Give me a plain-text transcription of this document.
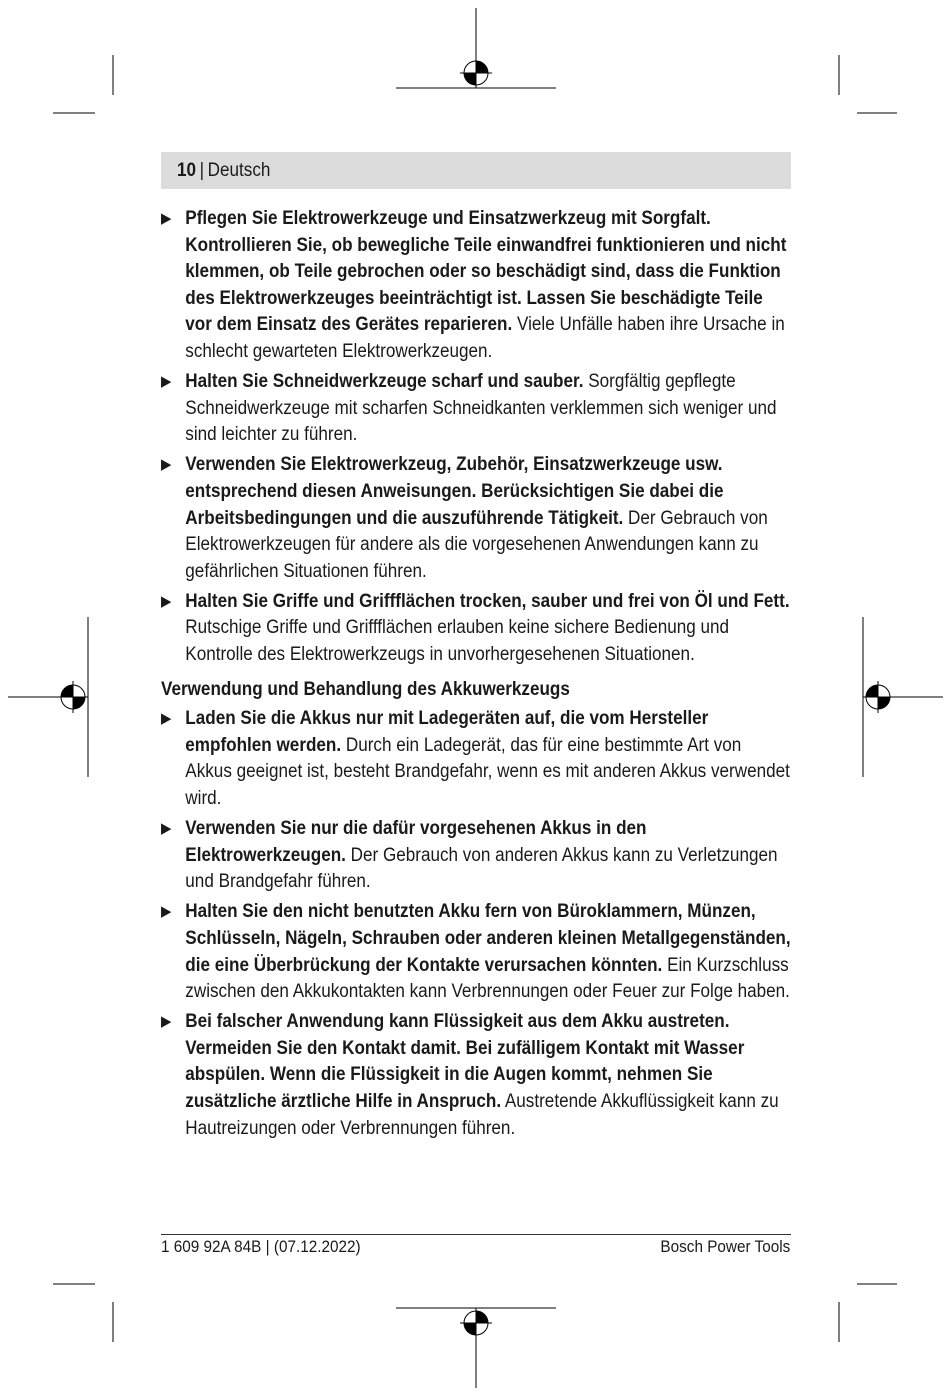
10 | Deutsch
▶ Pflegen Sie Elektrowerkzeuge und Einsatzwerkzeug mit Sorgfalt. Kontrollieren Sie, ob bewegliche Teile einwandfrei funktionieren und nicht klemmen, ob Teile gebrochen oder so beschädigt sind, dass die Funktion des Elektrowerkzeuges beeinträchtigt ist. Lassen Sie beschädigte Teile vor dem Einsatz des Gerätes reparieren. Viele Unfälle haben ihre Ursache in schlecht gewarteten Elektrowerkzeugen.
▶ Halten Sie Schneidwerkzeuge scharf und sauber. Sorgfältig gepflegte Schneidwerkzeuge mit scharfen Schneidkanten verklemmen sich weniger und sind leichter zu führen.
▶ Verwenden Sie Elektrowerkzeug, Zubehör, Einsatzwerkzeuge usw. entsprechend diesen Anweisungen. Berücksichtigen Sie dabei die Arbeitsbedingungen und die auszuführende Tätigkeit. Der Gebrauch von Elektrowerkzeugen für andere als die vorgesehenen Anwendungen kann zu gefährlichen Situationen führen.
▶ Halten Sie Griffe und Griffflächen trocken, sauber und frei von Öl und Fett. Rutschige Griffe und Griffflächen erlauben keine sichere Bedienung und Kontrolle des Elektrowerkzeugs in unvorhergesehenen Situationen.
Verwendung und Behandlung des Akkuwerkzeugs
▶ Laden Sie die Akkus nur mit Ladegeräten auf, die vom Hersteller empfohlen werden. Durch ein Ladegerät, das für eine bestimmte Art von Akkus geeignet ist, besteht Brandgefahr, wenn es mit anderen Akkus verwendet wird.
▶ Verwenden Sie nur die dafür vorgesehenen Akkus in den Elektrowerkzeugen. Der Gebrauch von anderen Akkus kann zu Verletzungen und Brandgefahr führen.
▶ Halten Sie den nicht benutzten Akku fern von Büroklammern, Münzen, Schlüsseln, Nägeln, Schrauben oder anderen kleinen Metallgegenständen, die eine Überbrückung der Kontakte verursachen könnten. Ein Kurzschluss zwischen den Akkukontakten kann Verbrennungen oder Feuer zur Folge haben.
▶ Bei falscher Anwendung kann Flüssigkeit aus dem Akku austreten. Vermeiden Sie den Kontakt damit. Bei zufälligem Kontakt mit Wasser abspülen. Wenn die Flüssigkeit in die Augen kommt, nehmen Sie zusätzliche ärztliche Hilfe in Anspruch. Austretende Akkuflüssigkeit kann zu Hautreizungen oder Verbrennungen führen.
1 609 92A 84B | (07.12.2022)	Bosch Power Tools
